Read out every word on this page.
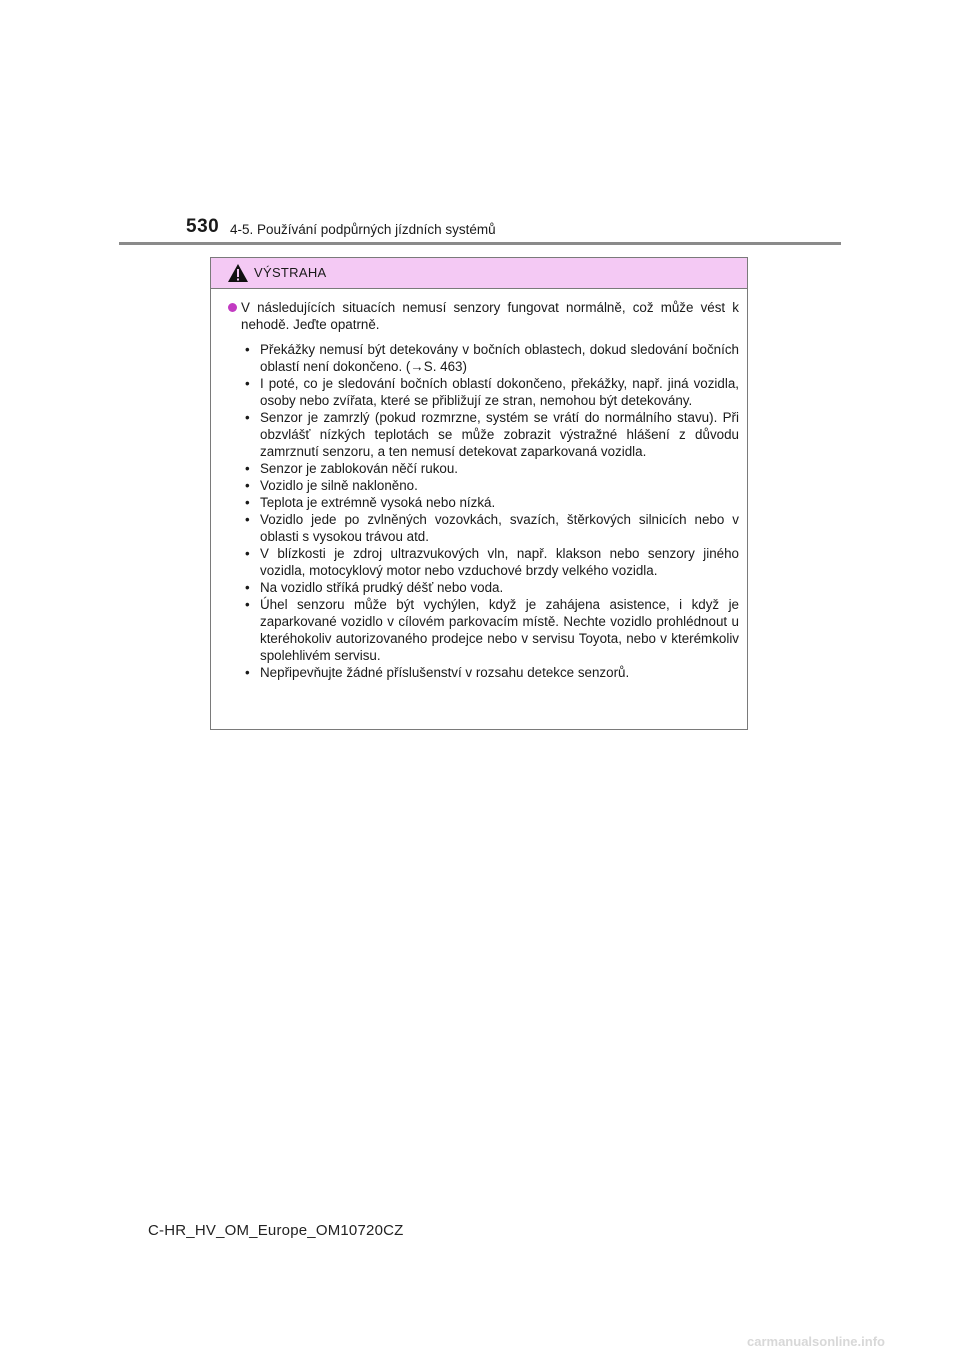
530 4-5. Používání podpůrných jízdních systémů
VÝSTRAHA
V následujících situacích nemusí senzory fungovat normálně, což může vést k nehodě. Jeďte opatrně.
• Překážky nemusí být detekovány v bočních oblastech, dokud sledování bočních oblastí není dokončeno. (→S. 463)
• I poté, co je sledování bočních oblastí dokončeno, překážky, např. jiná vozidla, osoby nebo zvířata, které se přibližují ze stran, nemohou být detekovány.
• Senzor je zamrzlý (pokud rozmrzne, systém se vrátí do normálního stavu). Při obzvlášť nízkých teplotách se může zobrazit výstražné hlášení z důvodu zamrznutí senzoru, a ten nemusí detekovat zaparkovaná vozidla.
• Senzor je zablokován něčí rukou.
• Vozidlo je silně nakloněno.
• Teplota je extrémně vysoká nebo nízká.
• Vozidlo jede po zvlněných vozovkách, svazích, štěrkových silnicích nebo v oblasti s vysokou trávou atd.
• V blízkosti je zdroj ultrazvukových vln, např. klakson nebo senzory jiného vozidla, motocyklový motor nebo vzduchové brzdy velkého vozidla.
• Na vozidlo stříká prudký déšť nebo voda.
• Úhel senzoru může být vychýlen, když je zahájena asistence, i když je zaparkované vozidlo v cílovém parkovacím místě. Nechte vozidlo prohlédnout u kteréhokoliv autorizovaného prodejce nebo v servisu Toyota, nebo v kterémkoliv spolehlivém servisu.
• Nepřipevňujte žádné příslušenství v rozsahu detekce senzorů.
C-HR_HV_OM_Europe_OM10720CZ
carmanualsonline.info
